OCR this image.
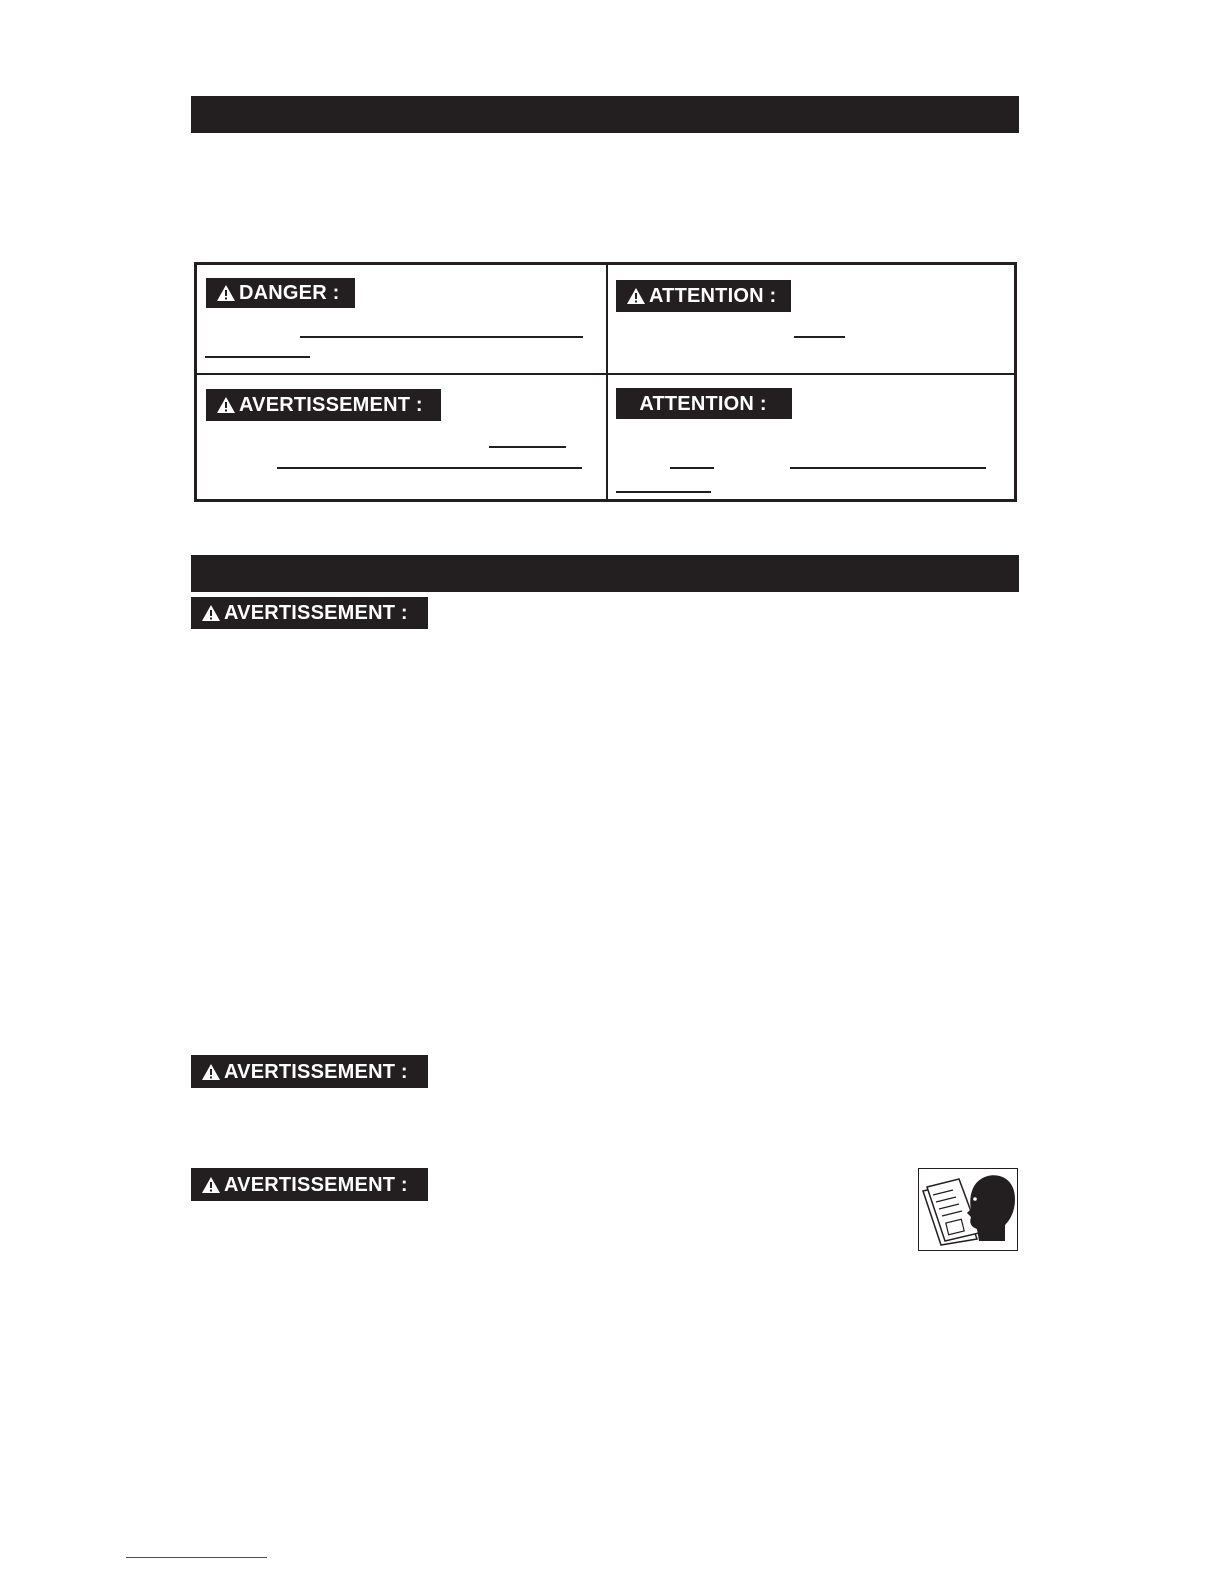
DANGER :	ATTENTION :
AVERTISSEMENT :	ATTENTION :
AVERTISSEMENT :
AVERTISSEMENT :
AVERTISSEMENT :
